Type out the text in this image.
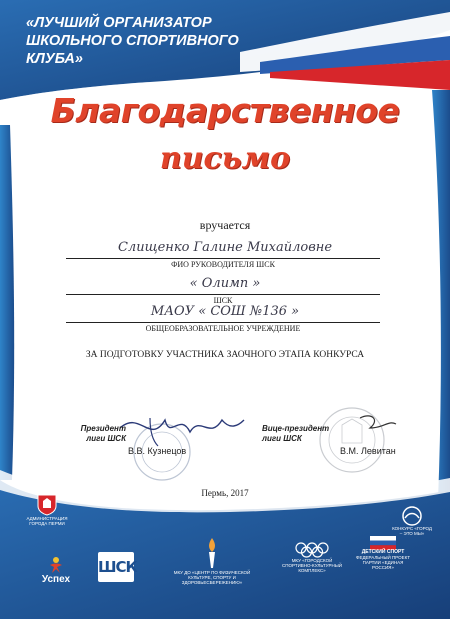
«ЛУЧШИЙ ОРГАНИЗАТОР
ШКОЛЬНОГО СПОРТИВНОГО
КЛУБА»
Благодарственное
письмо
вручается
Слищенко Галине Михайловне
ФИО РУКОВОДИТЕЛЯ ШСК
« Олимп »
ШСК
МАОУ « СОШ №136 »
ОБЩЕОБРАЗОВАТЕЛЬНОЕ УЧРЕЖДЕНИЕ
ЗА ПОДГОТОВКУ УЧАСТНИКА ЗАОЧНОГО ЭТАПА КОНКУРСА
Президент
лиги ШСК
В.В. Кузнецов
Вице-президент
лиги ШСК
В.М. Левитан
Пермь, 2017
АДМИНИСТРАЦИЯ ГОРОДА ПЕРМИ
КОНКУРС «ГОРОД – ЭТО МЫ»
Успех
ШСК	МКУ ДО «ЦЕНТР ПО ФИЗИЧЕСКОЙ КУЛЬТУРЕ, СПОРТУ И ЗДОРОВЬЕСБЕРЕЖЕНИЮ»
МКУ «ГОРОДСКОЙ СПОРТИВНО-КУЛЬТУРНЫЙ КОМПЛЕКС»
ДЕТСКИЙ СПОРТ
ФЕДЕРАЛЬНЫЙ ПРОЕКТ ПАРТИИ «ЕДИНАЯ РОССИЯ»
